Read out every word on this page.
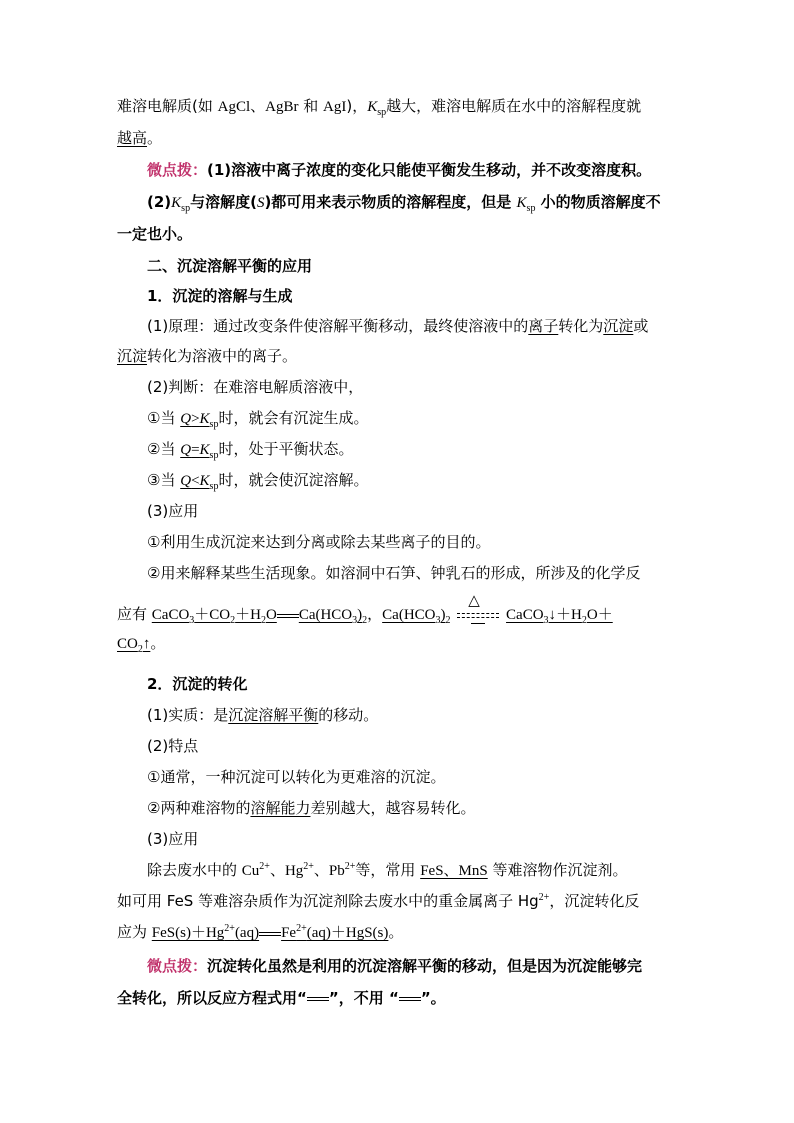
难溶电解质(如 AgCl、AgBr 和 AgI)，$K_{sp}$越大，难溶电解质在水中的溶解程度就
越高。
微点拨：(1)溶液中离子浓度的变化只能使平衡发生移动，并不改变溶度积。
$(2)K_{sp}$与溶解度(S)都可用来表示物质的溶解程度，但是 $K_{sp}$ 小的物质溶解度不
一定也小。
二、沉淀溶解平衡的应用
1．沉淀的溶解与生成
(1)原理：通过改变条件使溶解平衡移动，最终使溶液中的离子转化为沉淀或
沉淀转化为溶液中的离子。
(2)判断：在难溶电解质溶液中，
①当 $Q>K_{sp}$时，就会有沉淀生成。
②当 $Q=K_{sp}$时，处于平衡状态。
③当 $Q<K_{sp}$时，就会使沉淀溶解。
(3)应用
①利用生成沉淀来达到分离或除去某些离子的目的。
②用来解释某些生活现象。如溶洞中石笋、钟乳石的形成，所涉及的化学反
应有 $CaCO_3+CO_2+H_2O$ $Ca(HCO_3)_2$，$Ca(HCO_3)_2$
△
$CaCO_3↓+H_2O+$
$CO_2↑$。
2．沉淀的转化
(1)实质：是沉淀溶解平衡的移动。
(2)特点
①通常，一种沉淀可以转化为更难溶的沉淀。
②两种难溶物的溶解能力差别越大，越容易转化。
(3)应用
除去废水中的 $Cu^{2+}$、$Hg^{2+}$、$Pb^{2+}$等，常用 FeS、MnS 等难溶物作沉淀剂。
如可用 FeS 等难溶杂质作为沉淀剂除去废水中的重金属离子 $Hg^{2+}$，沉淀转化反
应为 $FeS(s)+Hg^{2+}(aq)$ $Fe^{2+}(aq)+HgS(s)$。
微点拨：沉淀转化虽然是利用的沉淀溶解平衡的移动，但是因为沉淀能够完
全转化，所以反应方程式用“ ”，不用 “ ”。
